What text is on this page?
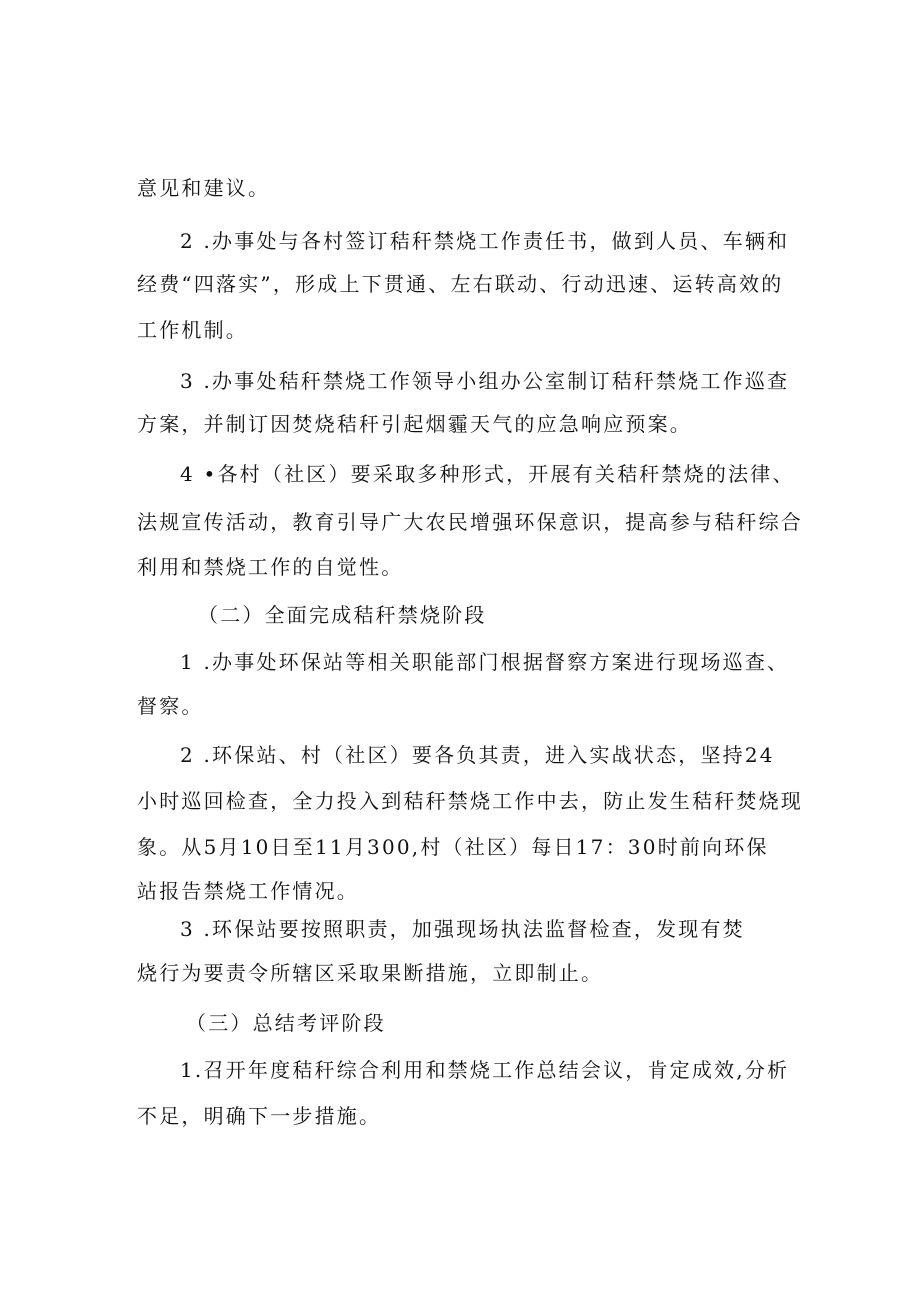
意见和建议。
2 .办事处与各村签订秸秆禁烧工作责任书，做到人员、车辆和
经费“四落实”，形成上下贯通、左右联动、行动迅速、运转高效的
工作机制。
3 .办事处秸秆禁烧工作领导小组办公室制订秸秆禁烧工作巡查
方案，并制订因焚烧秸秆引起烟霾天气的应急响应预案。
4 •各村（社区）要采取多种形式，开展有关秸秆禁烧的法律、
法规宣传活动，教育引导广大农民增强环保意识，提高参与秸秆综合
利用和禁烧工作的自觉性。
（二）全面完成秸秆禁烧阶段
1 .办事处环保站等相关职能部门根据督察方案进行现场巡查、
督察。
2 .环保站、村（社区）要各负其责，进入实战状态，坚持24
小时巡回检查，全力投入到秸秆禁烧工作中去，防止发生秸秆焚烧现
象。从5月10日至11月300,村（社区）每日17：30时前向环保
站报告禁烧工作情况。
3 .环保站要按照职责，加强现场执法监督检查，发现有焚
烧行为要责令所辖区采取果断措施，立即制止。
（三）总结考评阶段
1.召开年度秸秆综合利用和禁烧工作总结会议，肯定成效,分析
不足，明确下一步措施。
